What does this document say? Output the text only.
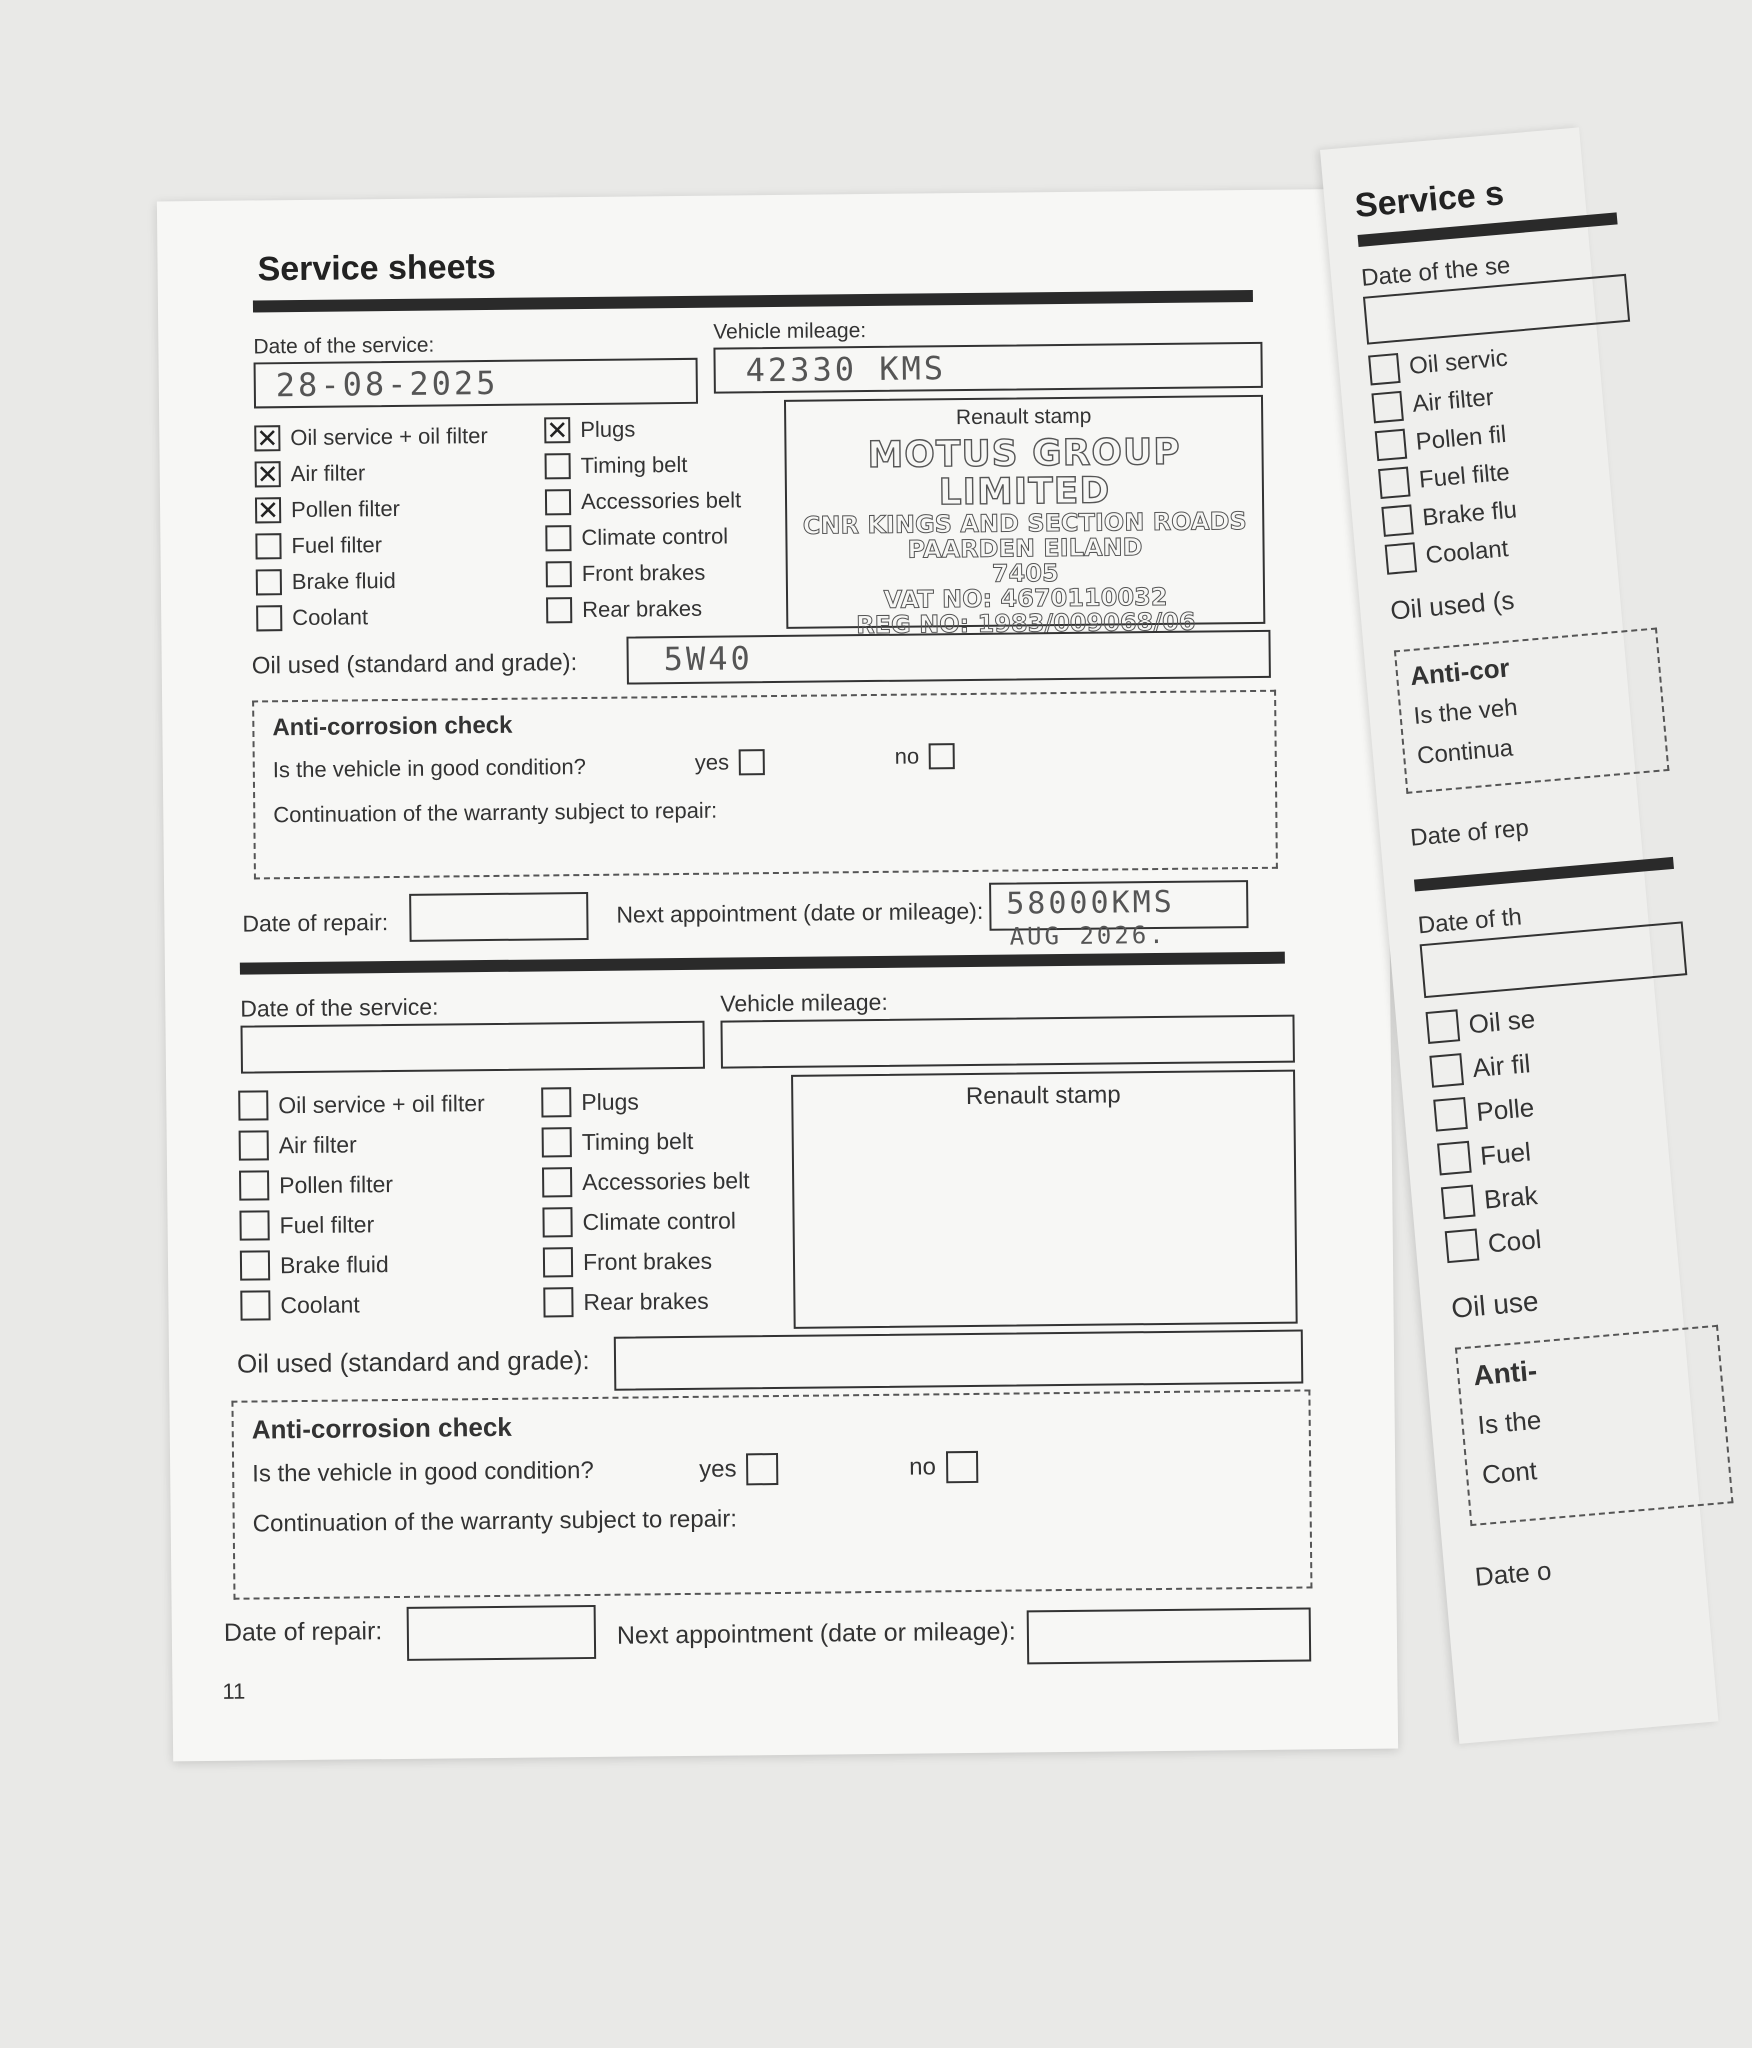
Service sheets
Date of the service:
28-08-2025
Vehicle mileage:
42330 KMS
✕ Oil service + oil filter
✕ Air filter
✕ Pollen filter
Fuel filter
Brake fluid
Coolant
✕ Plugs
Timing belt
Accessories belt
Climate control
Front brakes
Rear brakes
Renault stamp
MOTUS GROUP LIMITED
CNR KINGS AND SECTION ROADS
PAARDEN EILAND
7405
VAT NO: 4670110032
REG NO: 1983/009068/06
Oil used (standard and grade):	5W40
Anti-corrosion check
Is the vehicle in good condition?	yes	no
Continuation of the warranty subject to repair:
Date of repair:	Next appointment (date or mileage): 58000KMS
AUG 2026.
Date of the service:	Vehicle mileage:
Oil service + oil filter
Air filter
Pollen filter
Fuel filter
Brake fluid
Coolant
Plugs
Timing belt
Accessories belt
Climate control
Front brakes
Rear brakes
Renault stamp
Oil used (standard and grade):
Anti-corrosion check
Is the vehicle in good condition?	yes	no
Continuation of the warranty subject to repair:
Date of repair:	Next appointment (date or mileage):
11
Service s
Date of the se
Oil servic
Air filter
Pollen fil
Fuel filte
Brake flu
Coolant
Oil used (s
Anti-cor
Is the veh
Continua
Date of rep
Date of th
Oil se
Air fil
Polle
Fuel
Brak
Cool
Oil use
Anti-
Is the
Cont
Date o
